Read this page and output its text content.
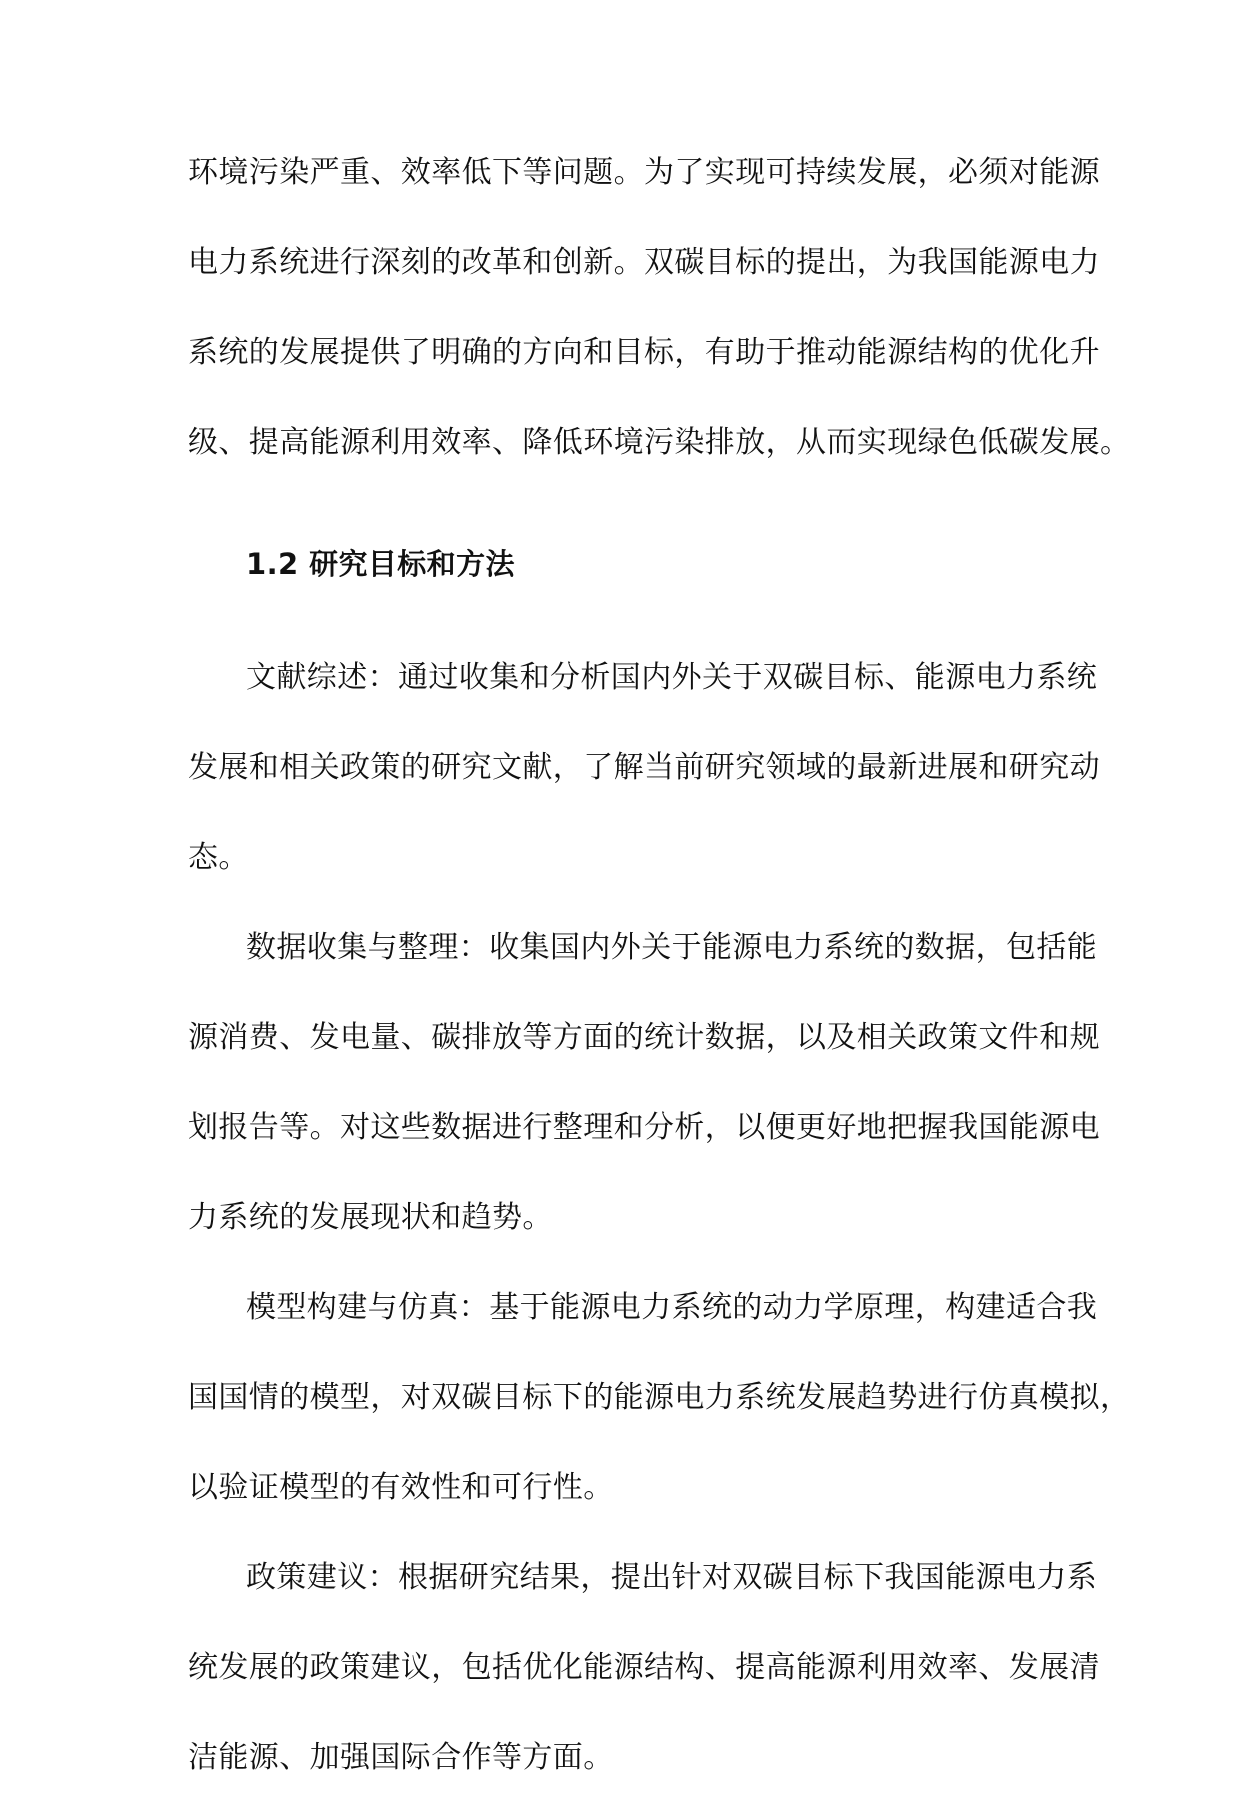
环境污染严重、效率低下等问题。为了实现可持续发展，必须对能源
电力系统进行深刻的改革和创新。双碳目标的提出，为我国能源电力
系统的发展提供了明确的方向和目标，有助于推动能源结构的优化升
级、提高能源利用效率、降低环境污染排放，从而实现绿色低碳发展。
1.2 研究目标和方法
文献综述：通过收集和分析国内外关于双碳目标、能源电力系统
发展和相关政策的研究文献，了解当前研究领域的最新进展和研究动
态。
数据收集与整理：收集国内外关于能源电力系统的数据，包括能
源消费、发电量、碳排放等方面的统计数据，以及相关政策文件和规
划报告等。对这些数据进行整理和分析，以便更好地把握我国能源电
力系统的发展现状和趋势。
模型构建与仿真：基于能源电力系统的动力学原理，构建适合我
国国情的模型，对双碳目标下的能源电力系统发展趋势进行仿真模拟，
以验证模型的有效性和可行性。
政策建议：根据研究结果，提出针对双碳目标下我国能源电力系
统发展的政策建议，包括优化能源结构、提高能源利用效率、发展清
洁能源、加强国际合作等方面。
